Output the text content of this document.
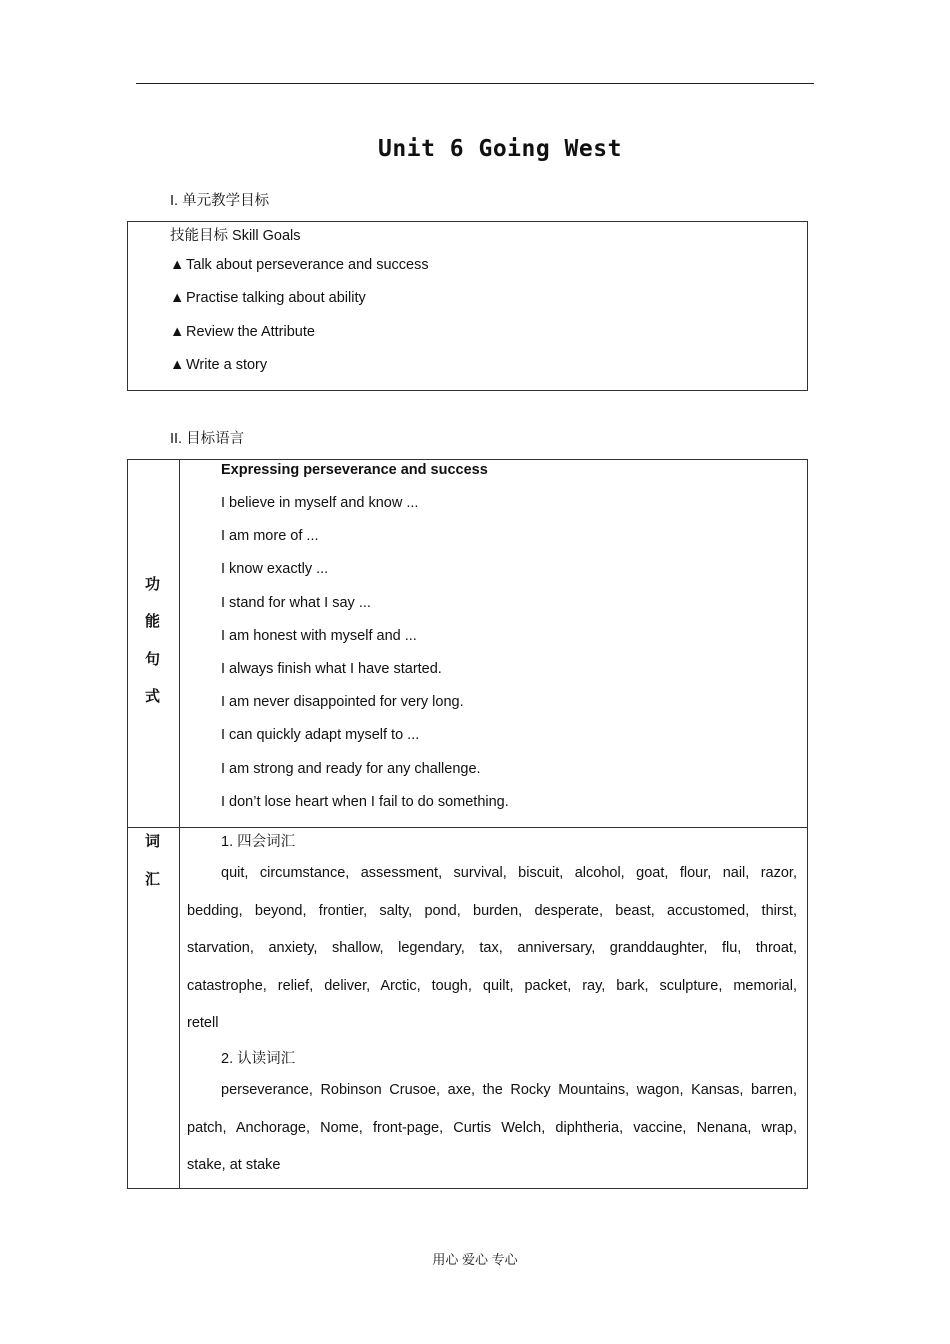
Unit 6 Going West
I. 单元教学目标
技能目标 Skill Goals
▲ Talk about perseverance and success
▲ Practise talking about ability
▲ Review the Attribute
▲ Write a story
II. 目标语言
Expressing perseverance and success
I believe in myself and know ...
I am more of ...
I know exactly ...
I stand for what I say ...
I am honest with myself and ...
I always finish what I have started.
I am never disappointed for very long.
I can quickly adapt myself to ...
I am strong and ready for any challenge.
I don’t lose heart when I fail to do something.
功
能
句
式
词
汇	quit, circumstance, assessment, survival, biscuit, alcohol, goat, flour, nail, razor,
bedding, beyond, frontier, salty, pond, burden, desperate, beast, accustomed, thirst,
starvation, anxiety, shallow, legendary, tax, anniversary, granddaughter, flu, throat,
catastrophe, relief, deliver, Arctic, tough, quilt, packet, ray, bark, sculpture, memorial,
retell
perseverance, Robinson Crusoe, axe, the Rocky Mountains, wagon, Kansas, barren,
patch, Anchorage, Nome, front-page, Curtis Welch, diphtheria, vaccine, Nenana, wrap,
stake, at stake
1. 四会词汇
2. 认读词汇
用心 爱心 专心
